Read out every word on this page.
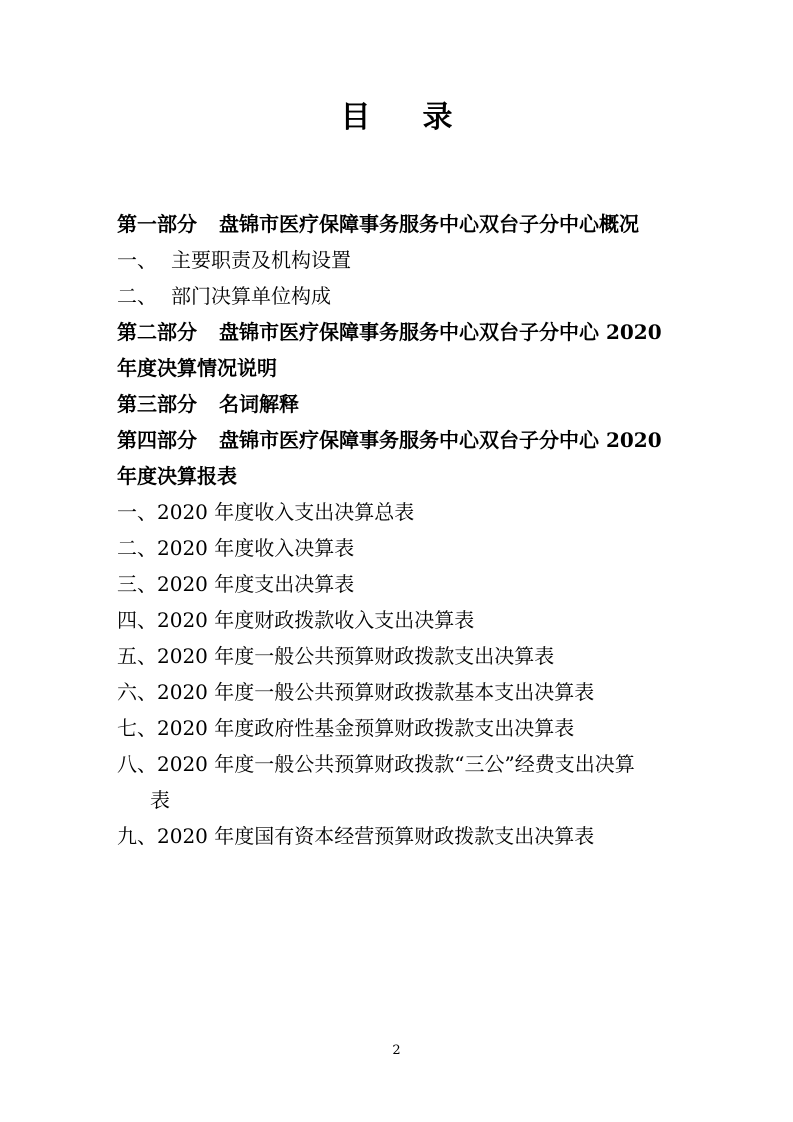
目 录
第一部分 盘锦市医疗保障事务服务中心双台子分中心概况
一、 主要职责及机构设置
二、 部门决算单位构成
第二部分 盘锦市医疗保障事务服务中心双台子分中心 2020
年度决算情况说明
第三部分 名词解释
第四部分 盘锦市医疗保障事务服务中心双台子分中心 2020
年度决算报表
一、2020 年度收入支出决算总表
二、2020 年度收入决算表
三、2020 年度支出决算表
四、2020 年度财政拨款收入支出决算表
五、2020 年度一般公共预算财政拨款支出决算表
六、2020 年度一般公共预算财政拨款基本支出决算表
七、2020 年度政府性基金预算财政拨款支出决算表
八、2020 年度一般公共预算财政拨款“三公”经费支出决算
表
九、2020 年度国有资本经营预算财政拨款支出决算表
2
